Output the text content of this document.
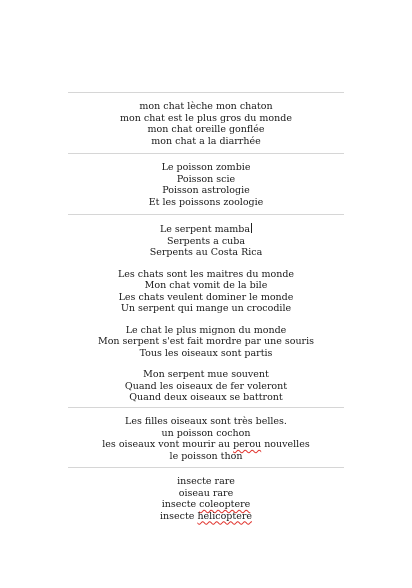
mon chat lèche mon chaton
mon chat est le plus gros du monde
mon chat oreille gonflée
mon chat a la diarrhée
Le poisson zombie
Poisson scie
Poisson astrologie
Et les poissons zoologie
Le serpent mamba
Serpents a cuba
Serpents au Costa Rica
Les chats sont les maitres du monde
Mon chat vomit de la bile
Les chats veulent dominer le monde
Un serpent qui mange un crocodile
Le chat le plus mignon du monde
Mon serpent s'est fait mordre par une souris
Tous les oiseaux sont partis
Mon serpent mue souvent
Quand les oiseaux de fer voleront
Quand deux oiseaux se battront
Les filles oiseaux sont très belles.
un poisson cochon
les oiseaux vont mourir au perou nouvelles
le poisson thon
insecte rare
oiseau rare
insecte coleoptere
insecte helicoptere
